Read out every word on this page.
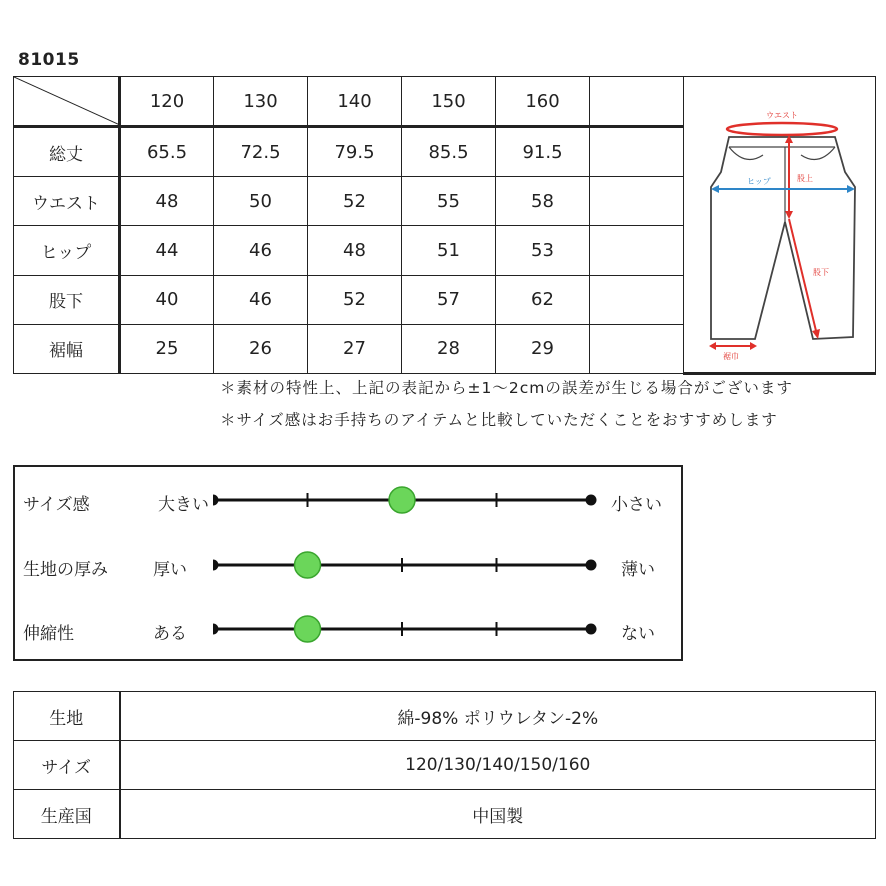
81015
	120	130	140	150	160		ウエスト
股上
ヒップ
股下
裾巾

総丈	65.5	72.5	79.5	85.5	91.5		
ウエスト	48	50	52	55	58		
ヒップ	44	46	48	51	53		
股下	40	46	52	57	62		
裾幅	25	26	27	28	29		
＊素材の特性上、上記の表記から±1〜2cmの誤差が生じる場合がございます
＊サイズ感はお手持ちのアイテムと比較していただくことをおすすめします
サイズ感	大きい	小さい
生地の厚み	厚い	薄い
伸縮性	ある	ない
生地	綿-98% ポリウレタン-2%
サイズ	120/130/140/150/160
生産国	中国製
